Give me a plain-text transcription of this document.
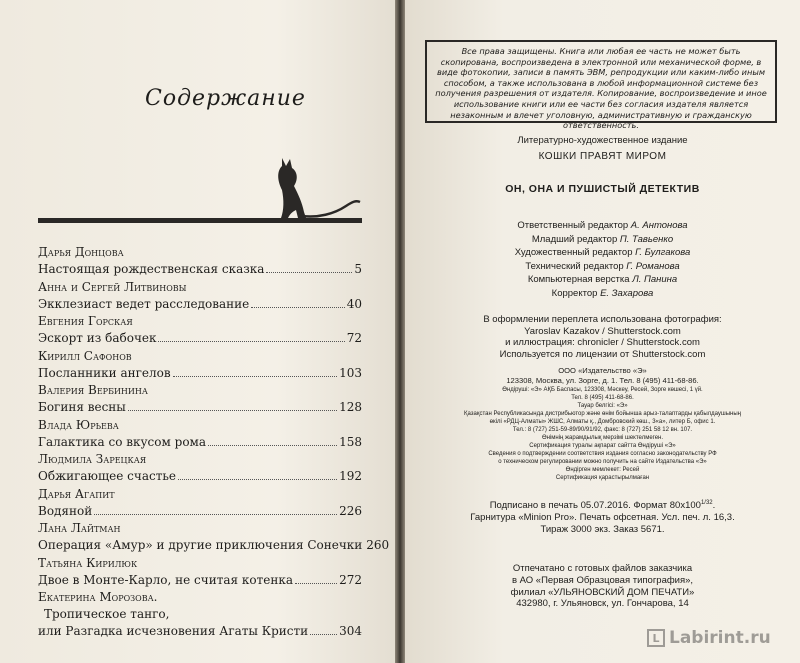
Содержание
Дарья Донцова
Настоящая рождественская сказка	5
Анна и Сергей Литвиновы
Экклезиаст ведет расследование	40
Евгения Горская
Эскорт из бабочек	72
Кирилл Сафонов
Посланники ангелов	103
Валерия Вербинина
Богиня весны	128
Влада Юрьева
Галактика со вкусом рома	158
Людмила Зарецкая
Обжигающее счастье	192
Дарья Агапит
Водяной	226
Лана Лайтман
Операция «Амур» и другие приключения Сонечки 260
Татьяна Кирилюк
Двое в Монте-Карло, не считая котенка	272
Екатерина Морозова.
Тропическое танго,
или Разгадка исчезновения Агаты Кристи	304
Все права защищены. Книга или любая ее часть не может быть скопирована, воспроизведена в электронной или механической форме, в виде фотокопии, записи в память ЭВМ, репродукции или каким-либо иным способом, а также использована в любой информационной системе без получения разрешения от издателя. Копирование, воспроизведение и иное использование книги или ее части без согласия издателя является незаконным и влечет уголовную, административную и гражданскую ответственность.
Литературно-художественное издание
КОШКИ ПРАВЯТ МИРОМ
ОН, ОНА И ПУШИСТЫЙ ДЕТЕКТИВ
Ответственный редактор А. Антонова
Младший редактор П. Тавьенко
Художественный редактор Г. Булгакова
Технический редактор Г. Романова
Компьютерная верстка Л. Панина
Корректор Е. Захарова
В оформлении переплета использована фотография:
Yaroslav Kazakov / Shutterstock.com
и иллюстрация: chronicler / Shutterstock.com
Используется по лицензии от Shutterstock.com
ООО «Издательство «Э»
123308, Москва, ул. Зорге, д. 1. Тел. 8 (495) 411-68-86.
Өндіруші: «Э» АҚБ Баспасы, 123308, Мәскеу, Ресей, Зорге көшесі, 1 үй.
Тел. 8 (495) 411-68-86.
Тауар белгісі: «Э»
Қазақстан Республикасында дистрибьютор және өнім бойынша арыз-талаптарды қабылдаушының
өкілі «РДЦ-Алматы» ЖШС, Алматы қ., Домбровский көш., 3«а», литер Б, офис 1.
Тел.: 8 (727) 251-59-89/90/91/92, факс: 8 (727) 251 58 12 вн. 107.
Өнімнің жарамдылық мерзімі шектелмеген.
Сертификация туралы ақпарат сайтта Өндіруші «Э»
Сведения о подтверждении соответствия издания согласно законодательству РФ
о техническом регулировании можно получить на сайте Издательства «Э»
Өндірген мемлекет: Ресей
Сертификация қарастырылмаған
Подписано в печать 05.07.2016. Формат $80x100^{1/32}$.
Гарнитура «Minion Pro». Печать офсетная. Усл. печ. л. 16,3.
Тираж 3000 экз. Заказ 5671.
Отпечатано с готовых файлов заказчика
в АО «Первая Образцовая типография»,
филиал «УЛЬЯНОВСКИЙ ДОМ ПЕЧАТИ»
432980, г. Ульяновск, ул. Гончарова, 14
L Labirint.ru
